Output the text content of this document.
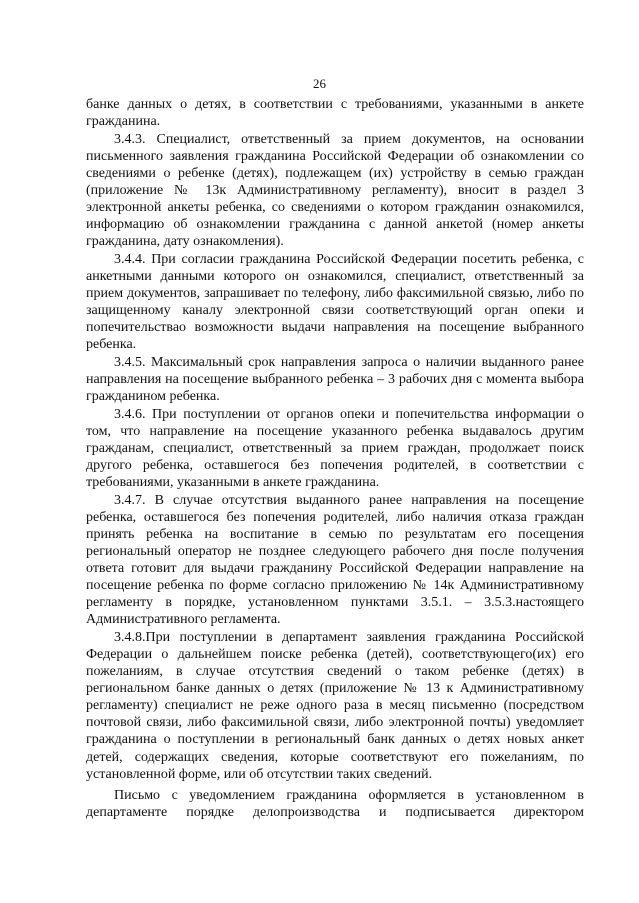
26

банке данных о детях, в соответствии с требованиями, указанными в анкете гражданина.

3.4.3. Специалист, ответственный за прием документов, на основании письменного заявления гражданина Российской Федерации об ознакомлении со сведениями о ребенке (детях), подлежащем (их) устройству в семью граждан (приложение № 13к Административному регламенту), вносит в раздел 3 электронной анкеты ребенка, со сведениями о котором гражданин ознакомился, информацию об ознакомлении гражданина с данной анкетой (номер анкеты гражданина, дату ознакомления).

3.4.4. При согласии гражданина Российской Федерации посетить ребенка, с анкетными данными которого он ознакомился, специалист, ответственный за прием документов, запрашивает по телефону, либо факсимильной связью, либо по защищенному каналу электронной связи соответствующий орган опеки и попечительствао возможности выдачи направления на посещение выбранного ребенка.

3.4.5. Максимальный срок направления запроса о наличии выданного ранее направления на посещение выбранного ребенка – 3 рабочих дня с момента выбора гражданином ребенка.

3.4.6. При поступлении от органов опеки и попечительства информации о том, что направление на посещение указанного ребенка выдавалось другим гражданам, специалист, ответственный за прием граждан, продолжает поиск другого ребенка, оставшегося без попечения родителей, в соответствии с требованиями, указанными в анкете гражданина.

3.4.7. В случае отсутствия выданного ранее направления на посещение ребенка, оставшегося без попечения родителей, либо наличия отказа граждан принять ребенка на воспитание в семью по результатам его посещения региональный оператор не позднее следующего рабочего дня после получения ответа готовит для выдачи гражданину Российской Федерации направление на посещение ребенка по форме согласно приложению № 14к Административному регламенту в порядке, установленном пунктами 3.5.1. – 3.5.3.настоящего Административного регламента.

3.4.8.При поступлении в департамент заявления гражданина Российской Федерации о дальнейшем поиске ребенка (детей), соответствующего(их) его пожеланиям, в случае отсутствия сведений о таком ребенке (детях) в региональном банке данных о детях (приложение № 13 к Административному регламенту) специалист не реже одного раза в месяц письменно (посредством почтовой связи, либо факсимильной связи, либо электронной почты) уведомляет гражданина о поступлении в региональный банк данных о детях новых анкет детей, содержащих сведения, которые соответствуют его пожеланиям, по установленной форме, или об отсутствии таких сведений.

Письмо с уведомлением гражданина оформляется в установленном в департаменте порядке делопроизводства и подписывается директором
